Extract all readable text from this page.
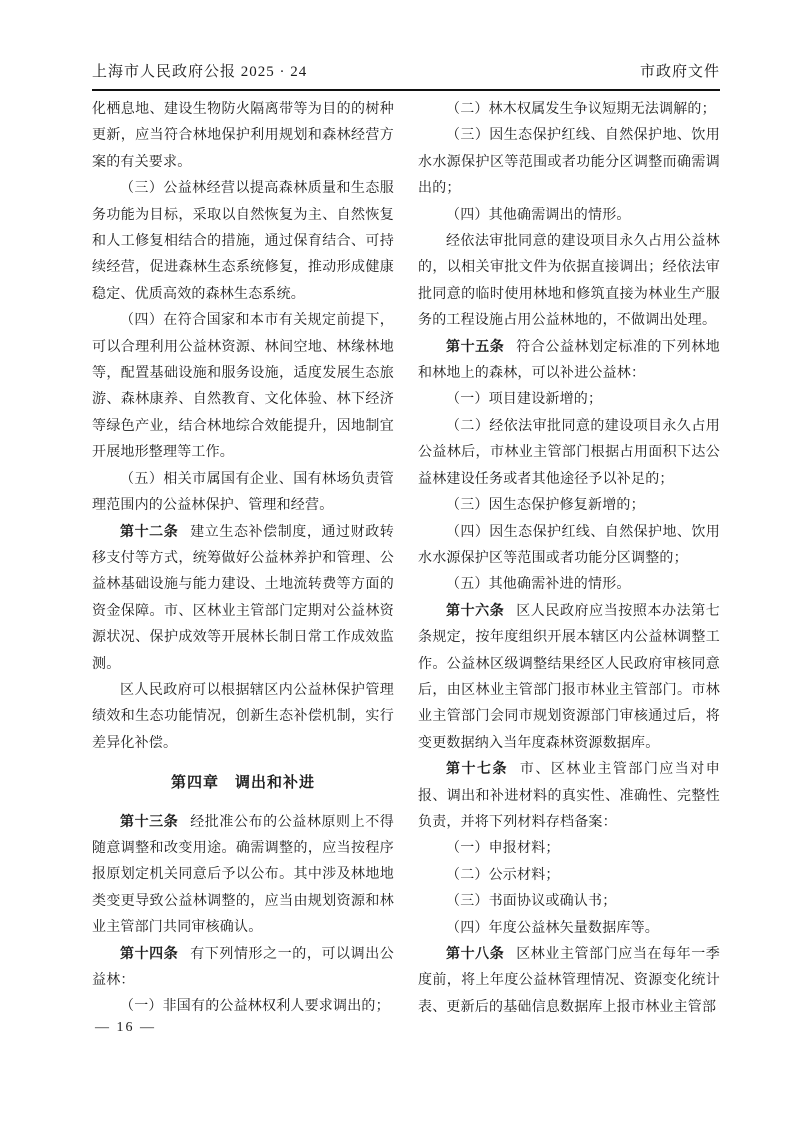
上海市人民政府公报 2025 · 24	市政府文件

化栖息地、建设生物防火隔离带等为目的的树种更新，应当符合林地保护利用规划和森林经营方案的有关要求。

（三）公益林经营以提高森林质量和生态服务功能为目标，采取以自然恢复为主、自然恢复和人工修复相结合的措施，通过保育结合、可持续经营，促进森林生态系统修复，推动形成健康稳定、优质高效的森林生态系统。

（四）在符合国家和本市有关规定前提下，可以合理利用公益林资源、林间空地、林缘林地等，配置基础设施和服务设施，适度发展生态旅游、森林康养、自然教育、文化体验、林下经济等绿色产业，结合林地综合效能提升，因地制宜开展地形整理等工作。

（五）相关市属国有企业、国有林场负责管理范围内的公益林保护、管理和经营。

第十二条 建立生态补偿制度，通过财政转移支付等方式，统筹做好公益林养护和管理、公益林基础设施与能力建设、土地流转费等方面的资金保障。市、区林业主管部门定期对公益林资源状况、保护成效等开展林长制日常工作成效监测。

区人民政府可以根据辖区内公益林保护管理绩效和生态功能情况，创新生态补偿机制，实行差异化补偿。

第四章　调出和补进

第十三条 经批准公布的公益林原则上不得随意调整和改变用途。确需调整的，应当按程序报原划定机关同意后予以公布。其中涉及林地地类变更导致公益林调整的，应当由规划资源和林业主管部门共同审核确认。

第十四条 有下列情形之一的，可以调出公益林：

（一）非国有的公益林权利人要求调出的；

（二）林木权属发生争议短期无法调解的；

（三）因生态保护红线、自然保护地、饮用水水源保护区等范围或者功能分区调整而确需调出的；

（四）其他确需调出的情形。

经依法审批同意的建设项目永久占用公益林的，以相关审批文件为依据直接调出；经依法审批同意的临时使用林地和修筑直接为林业生产服务的工程设施占用公益林地的，不做调出处理。

第十五条 符合公益林划定标准的下列林地和林地上的森林，可以补进公益林：

（一）项目建设新增的；

（二）经依法审批同意的建设项目永久占用公益林后，市林业主管部门根据占用面积下达公益林建设任务或者其他途径予以补足的；

（三）因生态保护修复新增的；

（四）因生态保护红线、自然保护地、饮用水水源保护区等范围或者功能分区调整的；

（五）其他确需补进的情形。

第十六条 区人民政府应当按照本办法第七条规定，按年度组织开展本辖区内公益林调整工作。公益林区级调整结果经区人民政府审核同意后，由区林业主管部门报市林业主管部门。市林业主管部门会同市规划资源部门审核通过后，将变更数据纳入当年度森林资源数据库。

第十七条 市、区林业主管部门应当对申报、调出和补进材料的真实性、准确性、完整性负责，并将下列材料存档备案：

（一）申报材料；

（二）公示材料；

（三）书面协议或确认书；

（四）年度公益林矢量数据库等。

第十八条 区林业主管部门应当在每年一季度前，将上年度公益林管理情况、资源变化统计表、更新后的基础信息数据库上报市林业主管部

— 16 —
